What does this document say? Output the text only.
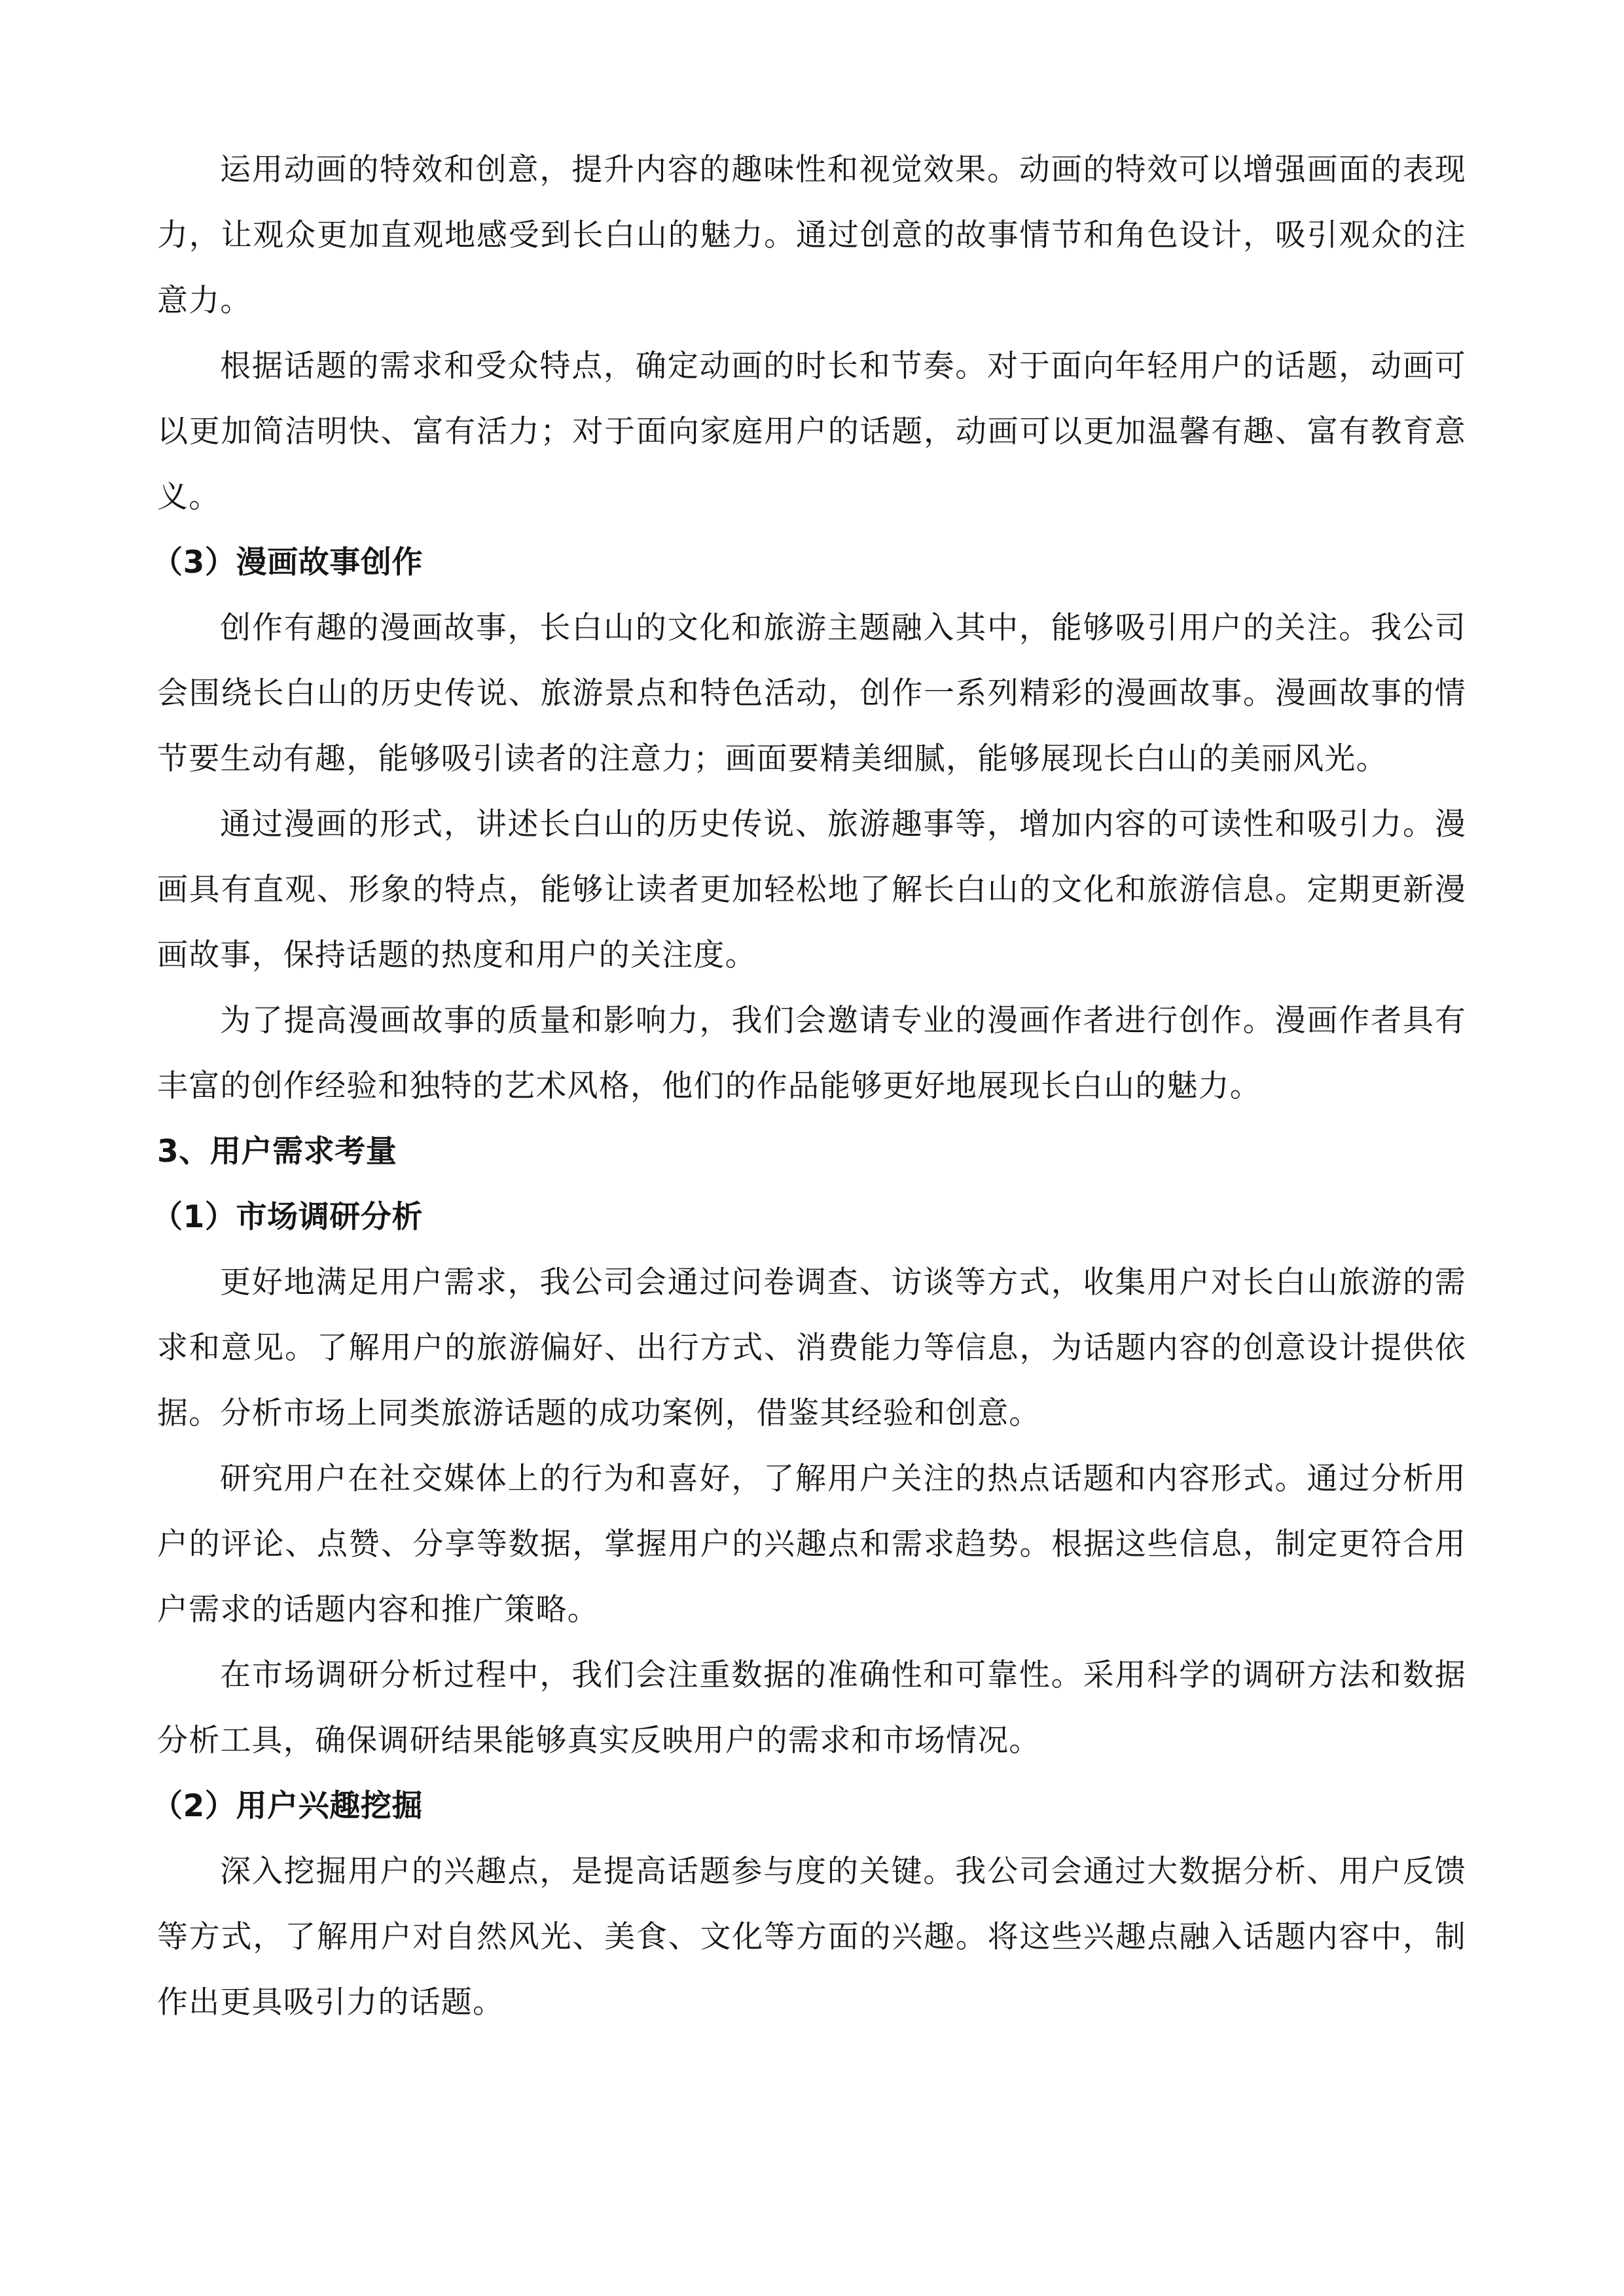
运用动画的特效和创意，提升内容的趣味性和视觉效果。动画的特效可以增强画面的表现力，让观众更加直观地感受到长白山的魅力。通过创意的故事情节和角色设计，吸引观众的注意力。

根据话题的需求和受众特点，确定动画的时长和节奏。对于面向年轻用户的话题，动画可以更加简洁明快、富有活力；对于面向家庭用户的话题，动画可以更加温馨有趣、富有教育意义。

（3）漫画故事创作

创作有趣的漫画故事，长白山的文化和旅游主题融入其中，能够吸引用户的关注。我公司会围绕长白山的历史传说、旅游景点和特色活动，创作一系列精彩的漫画故事。漫画故事的情节要生动有趣，能够吸引读者的注意力；画面要精美细腻，能够展现长白山的美丽风光。

通过漫画的形式，讲述长白山的历史传说、旅游趣事等，增加内容的可读性和吸引力。漫画具有直观、形象的特点，能够让读者更加轻松地了解长白山的文化和旅游信息。定期更新漫画故事，保持话题的热度和用户的关注度。

为了提高漫画故事的质量和影响力，我们会邀请专业的漫画作者进行创作。漫画作者具有丰富的创作经验和独特的艺术风格，他们的作品能够更好地展现长白山的魅力。

3、用户需求考量

（1）市场调研分析

更好地满足用户需求，我公司会通过问卷调查、访谈等方式，收集用户对长白山旅游的需求和意见。了解用户的旅游偏好、出行方式、消费能力等信息，为话题内容的创意设计提供依据。分析市场上同类旅游话题的成功案例，借鉴其经验和创意。

研究用户在社交媒体上的行为和喜好，了解用户关注的热点话题和内容形式。通过分析用户的评论、点赞、分享等数据，掌握用户的兴趣点和需求趋势。根据这些信息，制定更符合用户需求的话题内容和推广策略。

在市场调研分析过程中，我们会注重数据的准确性和可靠性。采用科学的调研方法和数据分析工具，确保调研结果能够真实反映用户的需求和市场情况。

（2）用户兴趣挖掘

深入挖掘用户的兴趣点，是提高话题参与度的关键。我公司会通过大数据分析、用户反馈等方式，了解用户对自然风光、美食、文化等方面的兴趣。将这些兴趣点融入话题内容中，制作出更具吸引力的话题。
